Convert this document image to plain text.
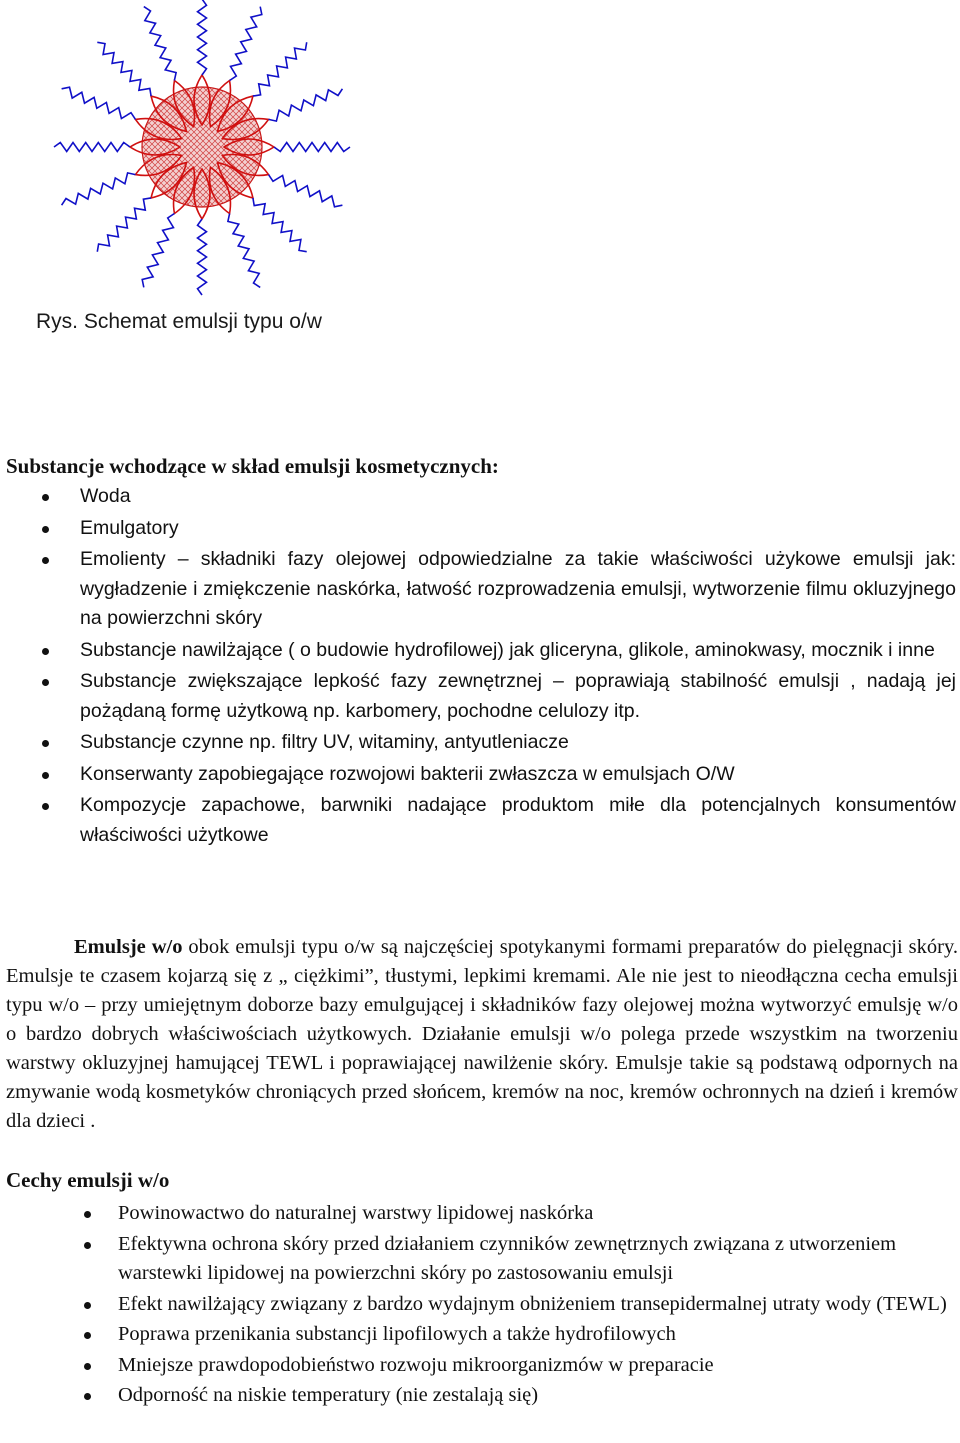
Rys. Schemat emulsji typu o/w
Substancje wchodzące w skład emulsji kosmetycznych:
Woda
Emulgatory
Emolienty – składniki fazy olejowej odpowiedzialne za takie właściwości użykowe emulsji jak: wygładzenie i zmiękczenie naskórka, łatwość rozprowadzenia emulsji, wytworzenie filmu okluzyjnego na powierzchni skóry
Substancje nawilżające ( o budowie hydrofilowej) jak gliceryna, glikole, aminokwasy, mocznik i inne
Substancje zwiększające lepkość fazy zewnętrznej – poprawiają stabilność emulsji , nadają jej pożądaną formę użytkową np. karbomery, pochodne celulozy itp.
Substancje czynne np. filtry UV, witaminy, antyutleniacze
Konserwanty zapobiegające rozwojowi bakterii zwłaszcza w emulsjach O/W
Kompozycje zapachowe, barwniki nadające produktom miłe dla potencjalnych konsumentów właściwości użytkowe
Emulsje w/o obok emulsji typu o/w są najczęściej spotykanymi formami preparatów do pielęgnacji skóry. Emulsje te czasem kojarzą się z „ ciężkimi”, tłustymi, lepkimi kremami. Ale nie jest to nieodłączna cecha emulsji typu w/o – przy umiejętnym doborze bazy emulgującej i składników fazy olejowej można wytworzyć emulsję w/o o bardzo dobrych właściwościach użytkowych. Działanie emulsji w/o polega przede wszystkim na tworzeniu warstwy okluzyjnej hamującej TEWL i poprawiającej nawilżenie skóry. Emulsje takie są podstawą odpornych na zmywanie wodą kosmetyków chroniących przed słońcem, kremów na noc, kremów ochronnych na dzień i kremów dla dzieci .
Cechy emulsji w/o
Powinowactwo do naturalnej warstwy lipidowej naskórka
Efektywna ochrona skóry przed działaniem czynników zewnętrznych związana z utworzeniem warstewki lipidowej na powierzchni skóry po zastosowaniu emulsji
Efekt nawilżający związany z bardzo wydajnym obniżeniem transepidermalnej utraty wody (TEWL)
Poprawa przenikania substancji lipofilowych a także hydrofilowych
Mniejsze prawdopodobieństwo rozwoju mikroorganizmów w preparacie
Odporność na niskie temperatury (nie zestalają się)
